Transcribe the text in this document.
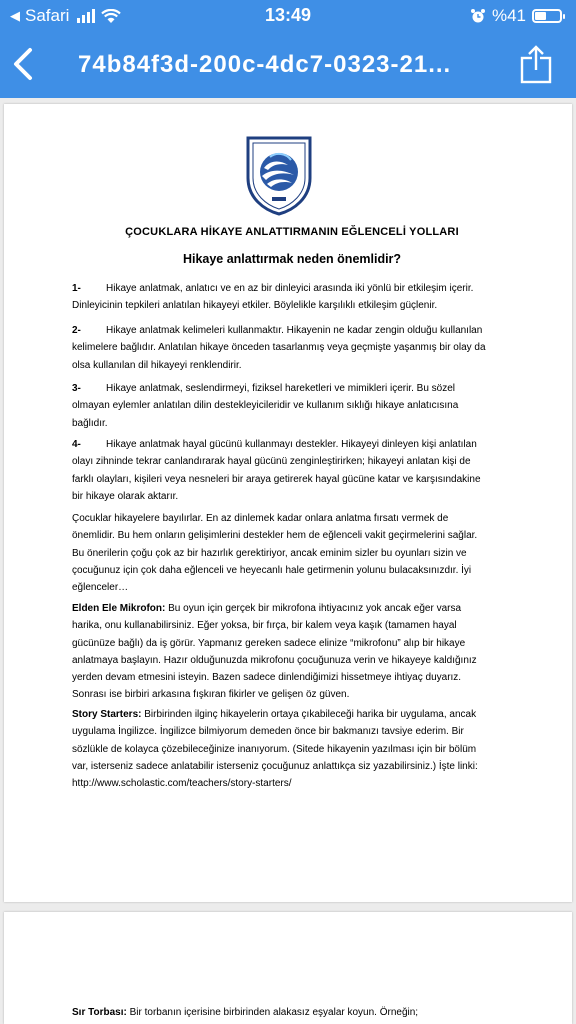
◀ Safari	13:49	%41
74b84f3d-200c-4dc7-0323-21...
ÇOCUKLARA HİKAYE ANLATTIRMANIN EĞLENCELİ YOLLARI
Hikaye anlattırmak neden önemlidir?

1-	Hikaye anlatmak, anlatıcı ve en az bir dinleyici arasında iki yönlü bir etkileşim içerir.

Dinleyicinin tepkileri anlatılan hikayeyi etkiler. Böylelikle karşılıklı etkileşim güçlenir.

2-	Hikaye anlatmak kelimeleri kullanmaktır. Hikayenin ne kadar zengin olduğu kullanılan

kelimelere bağlıdır. Anlatılan hikaye önceden tasarlanmış veya geçmişte yaşanmış bir olay da

olsa kullanılan dil hikayeyi renklendirir.

3-	Hikaye anlatmak, seslendirmeyi, fiziksel hareketleri ve mimikleri içerir. Bu sözel

olmayan eylemler anlatılan dilin destekleyicileridir ve kullanım sıklığı hikaye anlatıcısına

bağlıdır.

4-	Hikaye anlatmak hayal gücünü kullanmayı destekler. Hikayeyi dinleyen kişi anlatılan

olayı zihninde tekrar canlandırarak hayal gücünü zenginleştirirken; hikayeyi anlatan kişi de

farklı olayları, kişileri veya nesneleri bir araya getirerek hayal gücüne katar ve karşısındakine

bir hikaye olarak aktarır.

Çocuklar hikayelere bayılırlar. En az dinlemek kadar onlara anlatma fırsatı vermek de

önemlidir. Bu hem onların gelişimlerini destekler hem de eğlenceli vakit geçirmelerini sağlar.

Bu önerilerin çoğu çok az bir hazırlık gerektiriyor, ancak eminim sizler bu oyunları sizin ve

çocuğunuz için çok daha eğlenceli ve heyecanlı hale getirmenin yolunu bulacaksınızdır. İyi

eğlenceler…

Elden Ele Mikrofon: Bu oyun için gerçek bir mikrofona ihtiyacınız yok ancak eğer varsa

harika, onu kullanabilirsiniz. Eğer yoksa, bir fırça, bir kalem veya kaşık (tamamen hayal

gücünüze bağlı) da iş görür. Yapmanız gereken sadece elinize “mikrofonu” alıp bir hikaye

anlatmaya başlayın. Hazır olduğunuzda mikrofonu çocuğunuza verin ve hikayeye kaldığınız

yerden devam etmesini isteyin. Bazen sadece dinlendiğimizi hissetmeye ihtiyaç duyarız.

Sonrası ise birbiri arkasına fışkıran fikirler ve gelişen öz güven.

Story Starters: Birbirinden ilginç hikayelerin ortaya çıkabileceği harika bir uygulama, ancak

uygulama İngilizce. İngilizce bilmiyorum demeden önce bir bakmanızı tavsiye ederim. Bir

sözlükle de kolayca çözebileceğinize inanıyorum. (Sitede hikayenin yazılması için bir bölüm

var, isterseniz sadece anlatabilir isterseniz çocuğunuz anlattıkça siz yazabilirsiniz.) İşte linki:

http://www.scholastic.com/teachers/story-starters/

Sır Torbası: Bir torbanın içerisine birbirinden alakasız eşyalar koyun. Örneğin;
